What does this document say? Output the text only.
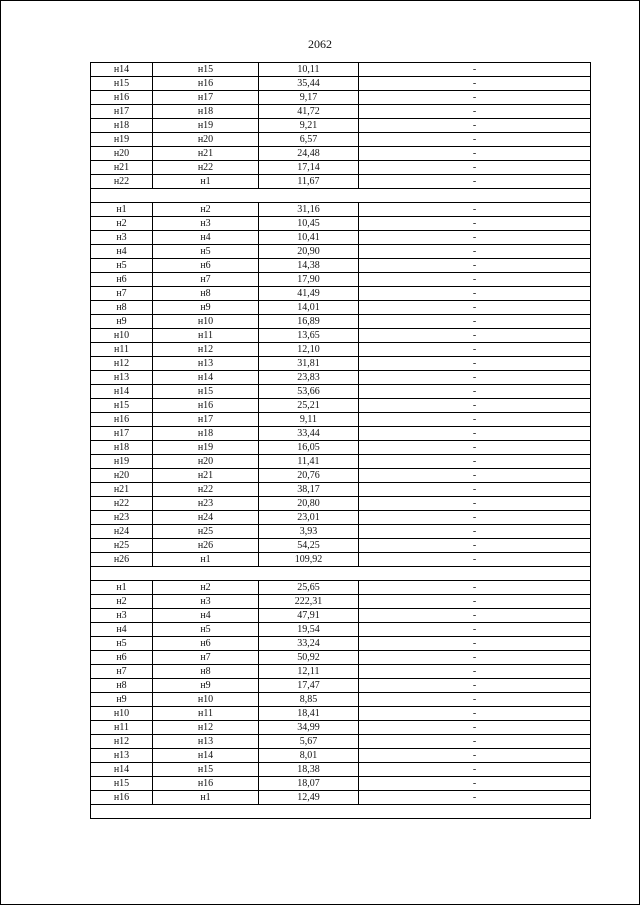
2062
н14	н15	10,11	-
н15	н16	35,44	-
н16	н17	9,17	-
н17	н18	41,72	-
н18	н19	9,21	-
н19	н20	6,57	-
н20	н21	24,48	-
н21	н22	17,14	-
н22	н1	11,67	-

н1	н2	31,16	-
н2	н3	10,45	-
н3	н4	10,41	-
н4	н5	20,90	-
н5	н6	14,38	-
н6	н7	17,90	-
н7	н8	41,49	-
н8	н9	14,01	-
н9	н10	16,89	-
н10	н11	13,65	-
н11	н12	12,10	-
н12	н13	31,81	-
н13	н14	23,83	-
н14	н15	53,66	-
н15	н16	25,21	-
н16	н17	9,11	-
н17	н18	33,44	-
н18	н19	16,05	-
н19	н20	11,41	-
н20	н21	20,76	-
н21	н22	38,17	-
н22	н23	20,80	-
н23	н24	23,01	-
н24	н25	3,93	-
н25	н26	54,25	-
н26	н1	109,92	-

н1	н2	25,65	-
н2	н3	222,31	-
н3	н4	47,91	-
н4	н5	19,54	-
н5	н6	33,24	-
н6	н7	50,92	-
н7	н8	12,11	-
н8	н9	17,47	-
н9	н10	8,85	-
н10	н11	18,41	-
н11	н12	34,99	-
н12	н13	5,67	-
н13	н14	8,01	-
н14	н15	18,38	-
н15	н16	18,07	-
н16	н1	12,49	-
